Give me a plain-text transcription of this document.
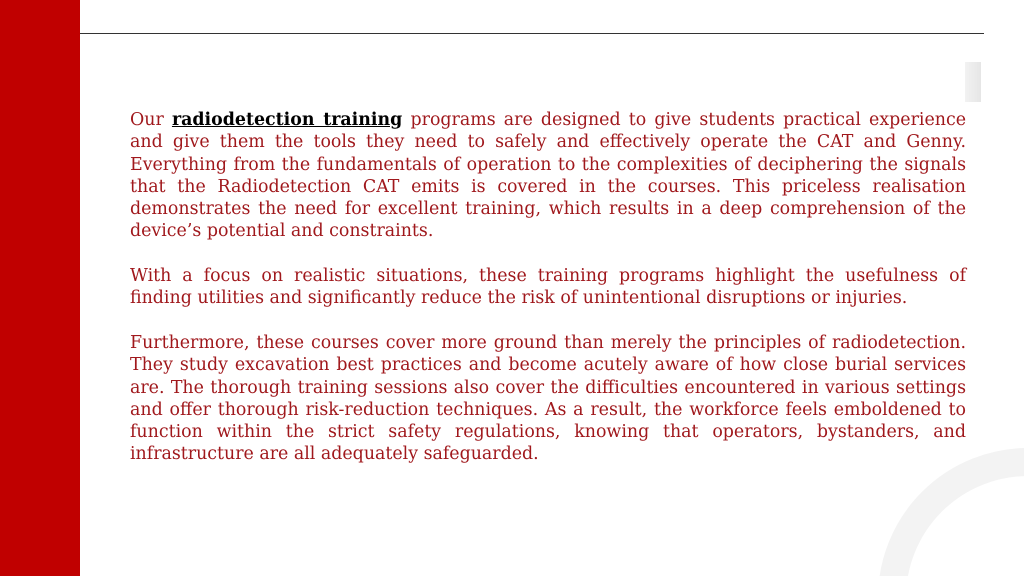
Our radiodetection training programs are designed to give students practical experience and give them the tools they need to safely and effectively operate the CAT and Genny. Everything from the fundamentals of operation to the complexities of deciphering the signals that the Radiodetection CAT emits is covered in the courses. This priceless realisation demonstrates the need for excellent training, which results in a deep comprehension of the device’s potential and constraints.

With a focus on realistic situations, these training programs highlight the usefulness of finding utilities and significantly reduce the risk of unintentional disruptions or injuries.

Furthermore, these courses cover more ground than merely the principles of radiodetection. They study excavation best practices and become acutely aware of how close burial services are. The thorough training sessions also cover the difficulties encountered in various settings and offer thorough risk-reduction techniques. As a result, the workforce feels emboldened to function within the strict safety regulations, knowing that operators, bystanders, and infrastructure are all adequately safeguarded.
